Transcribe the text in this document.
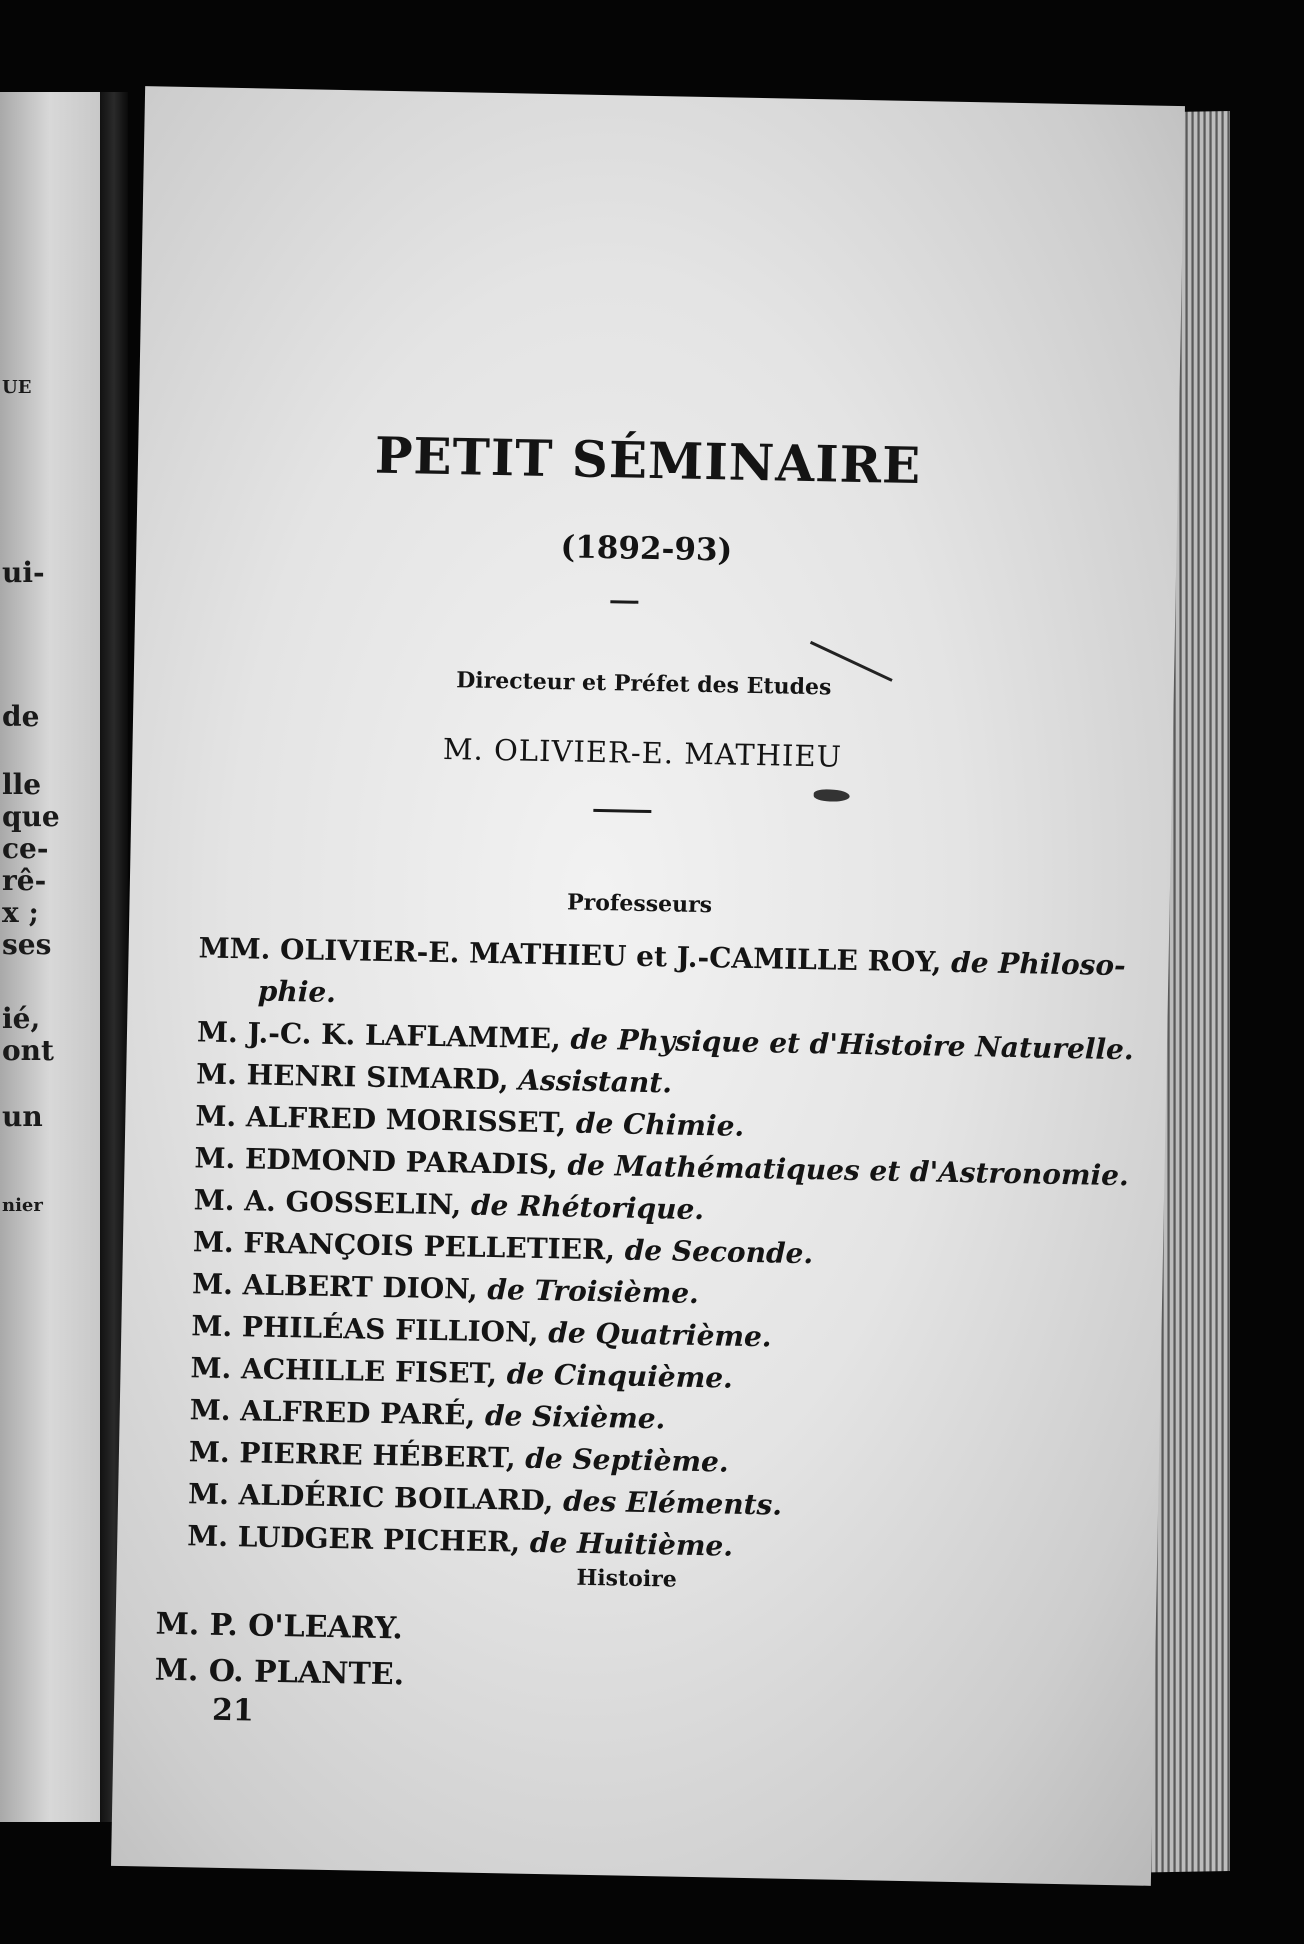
UE
ui-
de
lle
que
ce-
rê-
x ;
ses
ié,
ont
un
nier
PETIT SÉMINAIRE
(1892-93)
Directeur et Préfet des Etudes
M. OLIVIER-E. MATHIEU
Professeurs
MM. OLIVIER-E. MATHIEU et J.-CAMILLE ROY, de Philoso-
phie.
M. J.-C. K. LAFLAMME, de Physique et d'Histoire Naturelle.
M. HENRI SIMARD, Assistant.
M. ALFRED MORISSET, de Chimie.
M. EDMOND PARADIS, de Mathématiques et d'Astronomie.
M. A. GOSSELIN, de Rhétorique.
M. FRANÇOIS PELLETIER, de Seconde.
M. ALBERT DION, de Troisième.
M. PHILÉAS FILLION, de Quatrième.
M. ACHILLE FISET, de Cinquième.
M. ALFRED PARÉ, de Sixième.
M. PIERRE HÉBERT, de Septième.
M. ALDÉRIC BOILARD, des Eléments.
M. LUDGER PICHER, de Huitième.
Histoire
M. P. O'LEARY.
M. O. PLANTE.
21
